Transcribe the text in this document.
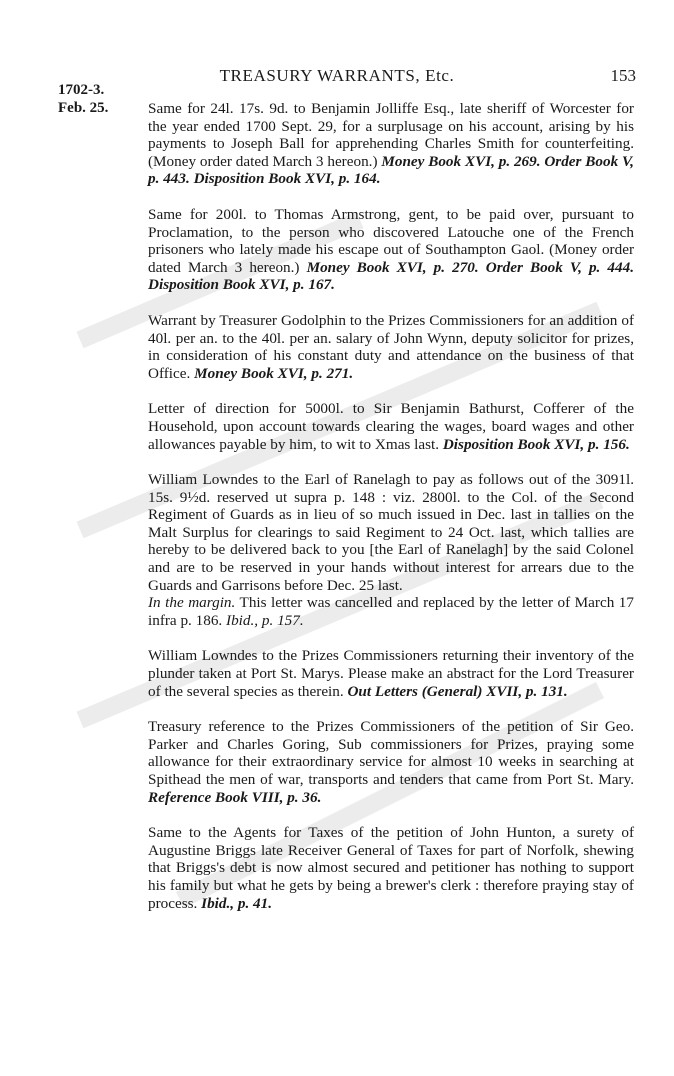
TREASURY WARRANTS, Etc.	153
1702-3.
Feb. 25.	Same for 24l. 17s. 9d. to Benjamin Jolliffe Esq., late sheriff of Worcester for the year ended 1700 Sept. 29, for a surplusage on his account, arising by his payments to Joseph Ball for apprehending Charles Smith for counterfeiting. (Money order dated March 3 hereon.) Money Book XVI, p. 269. Order Book V, p. 443. Disposition Book XVI, p. 164.

Same for 200l. to Thomas Armstrong, gent, to be paid over, pursuant to Proclamation, to the person who discovered Latouche one of the French prisoners who lately made his escape out of Southampton Gaol. (Money order dated March 3 hereon.) Money Book XVI, p. 270. Order Book V, p. 444. Disposition Book XVI, p. 167.

Warrant by Treasurer Godolphin to the Prizes Commissioners for an addition of 40l. per an. to the 40l. per an. salary of John Wynn, deputy solicitor for prizes, in consideration of his constant duty and attendance on the business of that Office. Money Book XVI, p. 271.

Letter of direction for 5000l. to Sir Benjamin Bathurst, Cofferer of the Household, upon account towards clearing the wages, board wages and other allowances payable by him, to wit to Xmas last. Disposition Book XVI, p. 156.

William Lowndes to the Earl of Ranelagh to pay as follows out of the 3091l. 15s. 9½d. reserved ut supra p. 148 : viz. 2800l. to the Col. of the Second Regiment of Guards as in lieu of so much issued in Dec. last in tallies on the Malt Surplus for clearings to said Regiment to 24 Oct. last, which tallies are hereby to be delivered back to you [the Earl of Ranelagh] by the said Colonel and are to be reserved in your hands without interest for arrears due to the Guards and Garrisons before Dec. 25 last.

In the margin. This letter was cancelled and replaced by the letter of March 17 infra p. 186. Ibid., p. 157.

William Lowndes to the Prizes Commissioners returning their inventory of the plunder taken at Port St. Marys. Please make an abstract for the Lord Treasurer of the several species as therein. Out Letters (General) XVII, p. 131.

Treasury reference to the Prizes Commissioners of the petition of Sir Geo. Parker and Charles Goring, Sub commissioners for Prizes, praying some allowance for their extraordinary service for almost 10 weeks in searching at Spithead the men of war, transports and tenders that came from Port St. Mary. Reference Book VIII, p. 36.

Same to the Agents for Taxes of the petition of John Hunton, a surety of Augustine Briggs late Receiver General of Taxes for part of Norfolk, shewing that Briggs's debt is now almost secured and petitioner has nothing to support his family but what he gets by being a brewer's clerk : therefore praying stay of process. Ibid., p. 41.
